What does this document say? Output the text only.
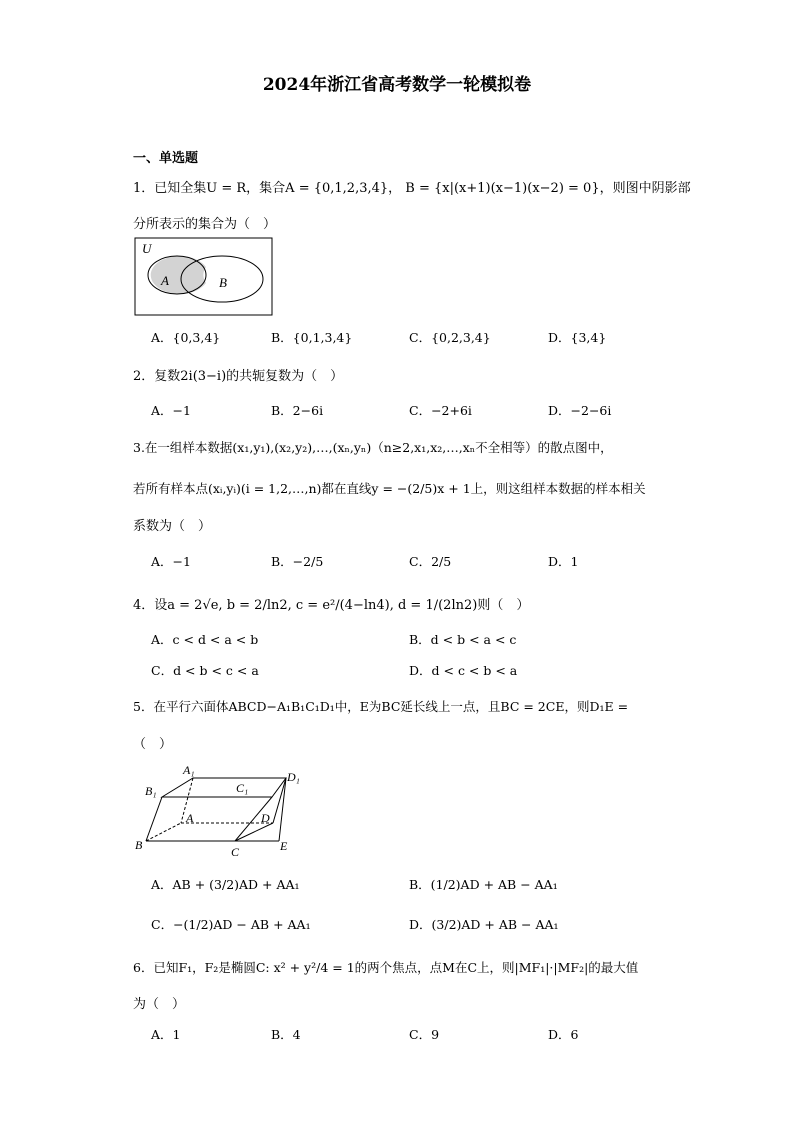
2024年浙江省高考数学一轮模拟卷
一、单选题
1．已知全集U = R，集合A = {0,1,2,3,4}， B = {x|(x+1)(x−1)(x−2) = 0}，则图中阴影部
分所表示的集合为（　）
U
A	B
A．{0,3,4}	B．{0,1,3,4}	C．{0,2,3,4}	D．{3,4}
2．复数2i(3−i)的共轭复数为（　）
A．−1	B．2−6i	C．−2+6i	D．−2−6i
3.在一组样本数据(x₁,y₁),(x₂,y₂),…,(xₙ,yₙ)（n≥2,x₁,x₂,…,xₙ不全相等）的散点图中，
若所有样本点(xᵢ,yᵢ)(i = 1,2,…,n)都在直线y = −(2/5)x + 1上，则这组样本数据的样本相关
系数为（　）
A．−1	B．−2/5	C．2/5	D．1
4．设a = 2√e, b = 2/ln2, c = e²/(4−ln4), d = 1/(2ln2)则（　）
A．c < d < a < b	B．d < b < a < c
C．d < b < c < a	D．d < c < b < a
5．在平行六面体ABCD−A₁B₁C₁D₁中，E为BC延长线上一点，且BC = 2CE，则D₁E =
（　）
A₁
B₁	C₁
D₁
A
B	C
D
E
A．AB + (3/2)AD + AA₁	B．(1/2)AD + AB − AA₁
C．−(1/2)AD − AB + AA₁	D．(3/2)AD + AB − AA₁
6．已知F₁，F₂是椭圆C: x² + y²/4 = 1的两个焦点，点M在C上，则|MF₁|·|MF₂|的最大值
为（　）
A．1	B．4	C．9	D．6
